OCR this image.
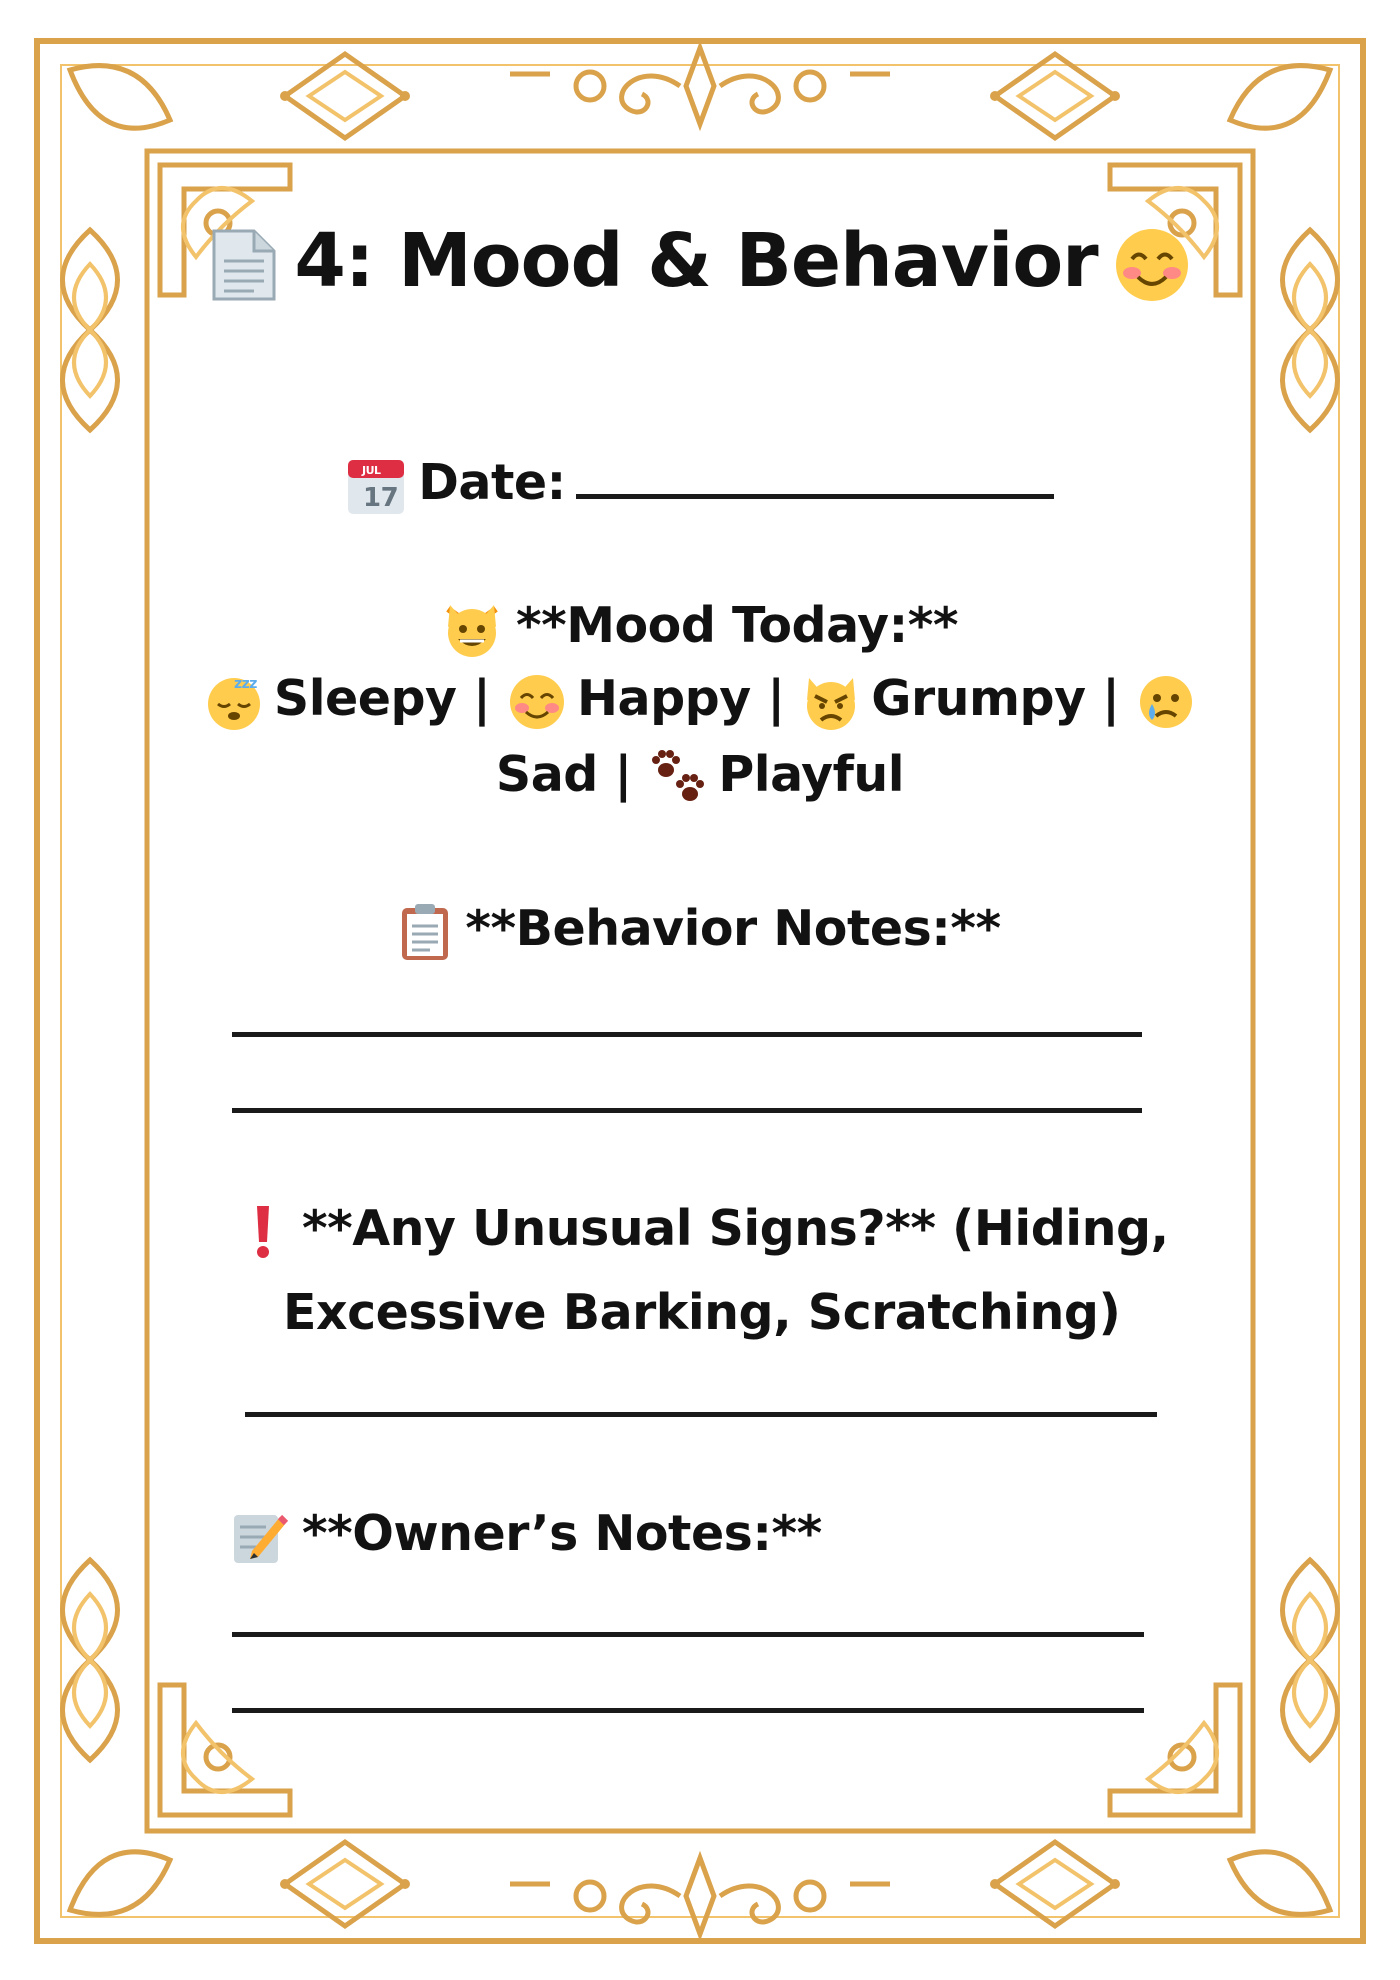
4: Mood & Behavior
JUL
17 Date:
**Mood Today:**
zzz Sleepy | Happy | Grumpy |
Sad | Playful
**Behavior Notes:**
**Any Unusual Signs?** (Hiding,
Excessive Barking, Scratching)
**Owner’s Notes:**
